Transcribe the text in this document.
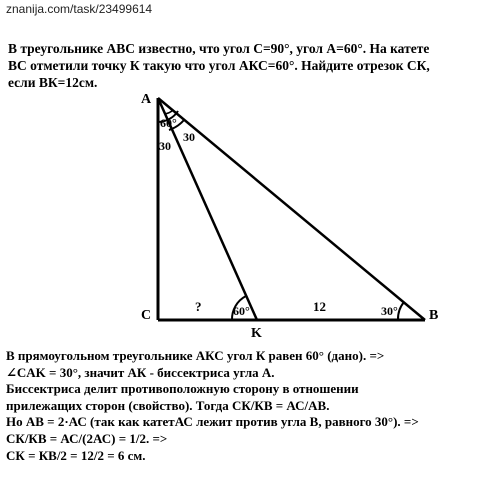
znanija.com/task/23499614
В треугольнике ABC известно, что угол С=90°, угол А=60°. На катете
ВС отметили точку К такую что угол АКС=60°. Найдите отрезок СК,
если ВК=12см.
A
C	B
K
60°
30
30
60°	30°
?	12
В прямоугольном треугольнике АКС угол К равен 60° (дано). =>
∠CAK = 30°, значит АК - биссектриса угла А.
Биссектриса делит противоположную сторону в отношении
прилежащих сторон (свойство). Тогда СК/КВ = АС/АВ.
Но АВ = 2·АС (так как катетАС лежит против угла В, равного 30°). =>
СК/КВ = АС/(2АС) = 1/2. =>
СК = КВ/2 = 12/2 = 6 см.
